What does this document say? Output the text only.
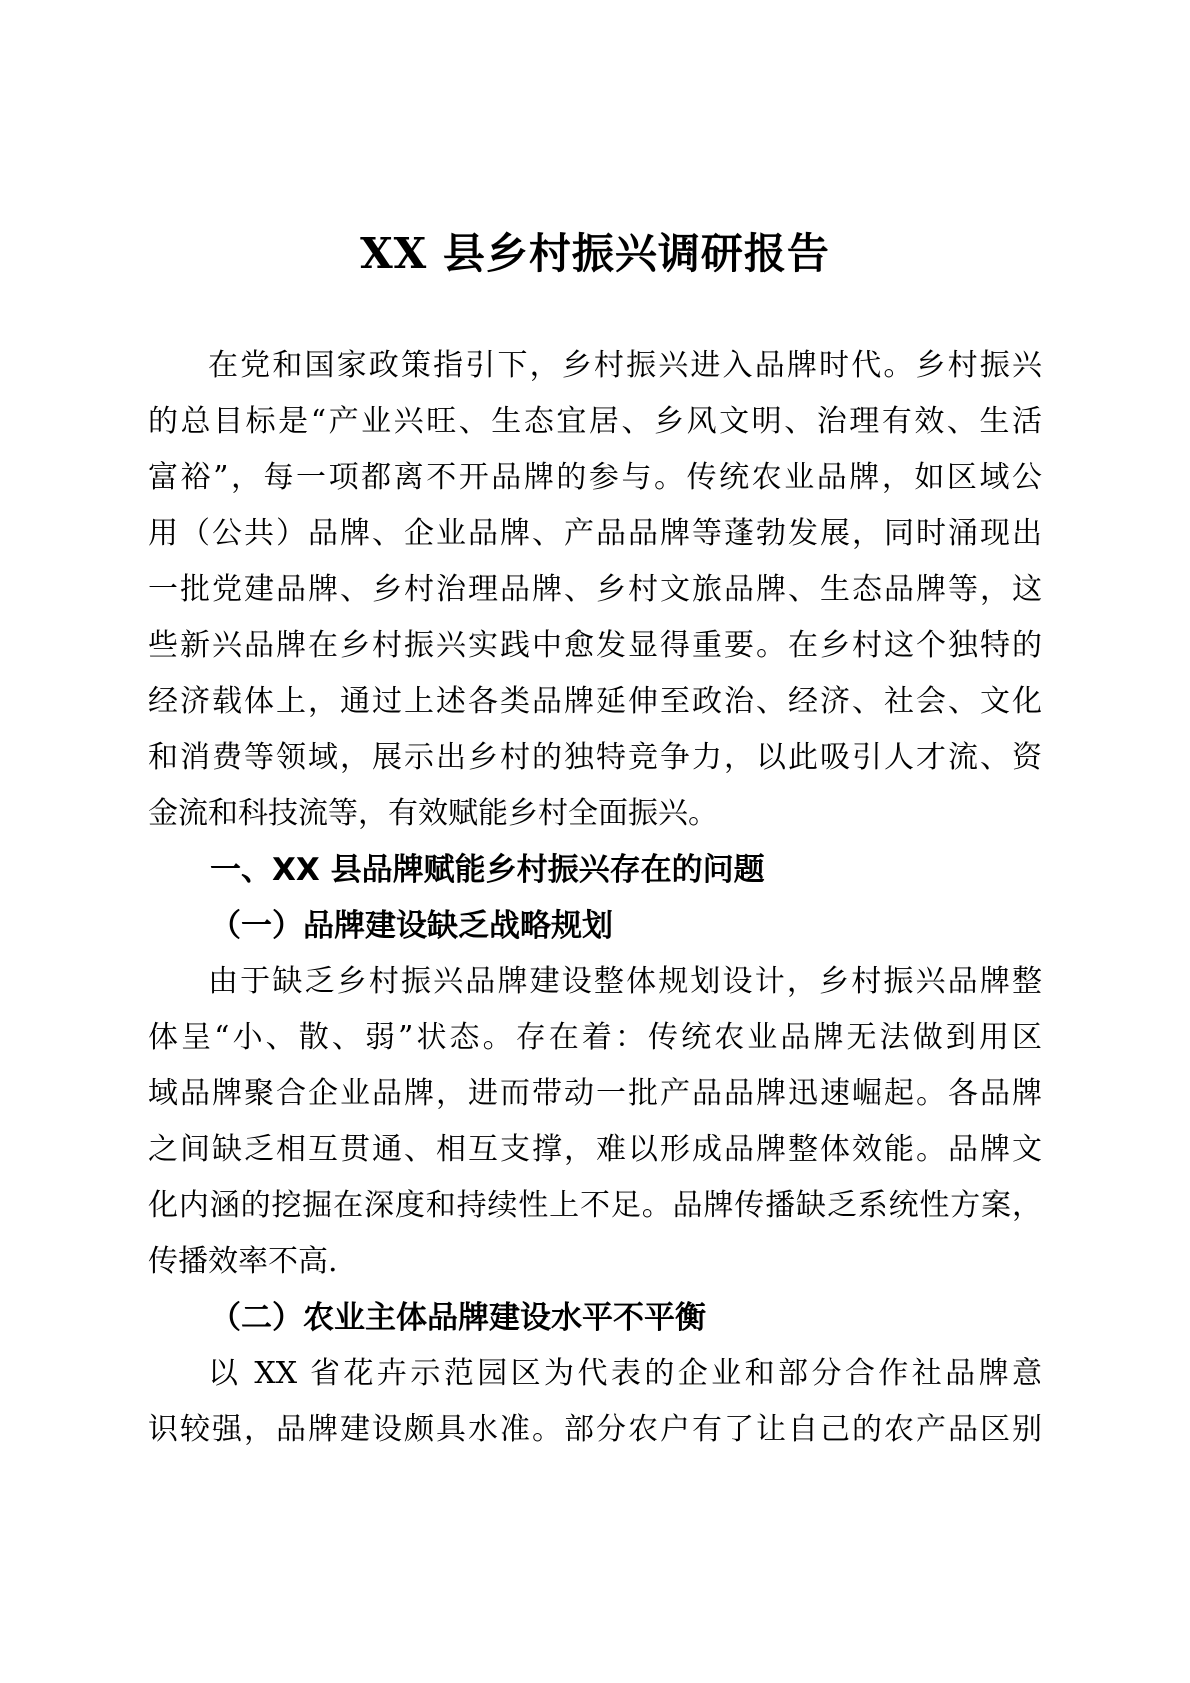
XX 县乡村振兴调研报告
在党和国家政策指引下，乡村振兴进入品牌时代。乡村振兴
的总目标是“产业兴旺、生态宜居、乡风文明、治理有效、生活
富裕”，每一项都离不开品牌的参与。传统农业品牌，如区域公
用（公共）品牌、企业品牌、产品品牌等蓬勃发展，同时涌现出
一批党建品牌、乡村治理品牌、乡村文旅品牌、生态品牌等，这
些新兴品牌在乡村振兴实践中愈发显得重要。在乡村这个独特的
经济载体上，通过上述各类品牌延伸至政治、经济、社会、文化
和消费等领域，展示出乡村的独特竞争力，以此吸引人才流、资
金流和科技流等，有效赋能乡村全面振兴。
一、XX 县品牌赋能乡村振兴存在的问题
（一）品牌建设缺乏战略规划
由于缺乏乡村振兴品牌建设整体规划设计，乡村振兴品牌整
体呈“小、散、弱”状态。存在着：传统农业品牌无法做到用区
域品牌聚合企业品牌，进而带动一批产品品牌迅速崛起。各品牌
之间缺乏相互贯通、相互支撑，难以形成品牌整体效能。品牌文
化内涵的挖掘在深度和持续性上不足。品牌传播缺乏系统性方案，
传播效率不高.
（二）农业主体品牌建设水平不平衡
以 XX 省花卉示范园区为代表的企业和部分合作社品牌意
识较强，品牌建设颇具水准。部分农户有了让自己的农产品区别
